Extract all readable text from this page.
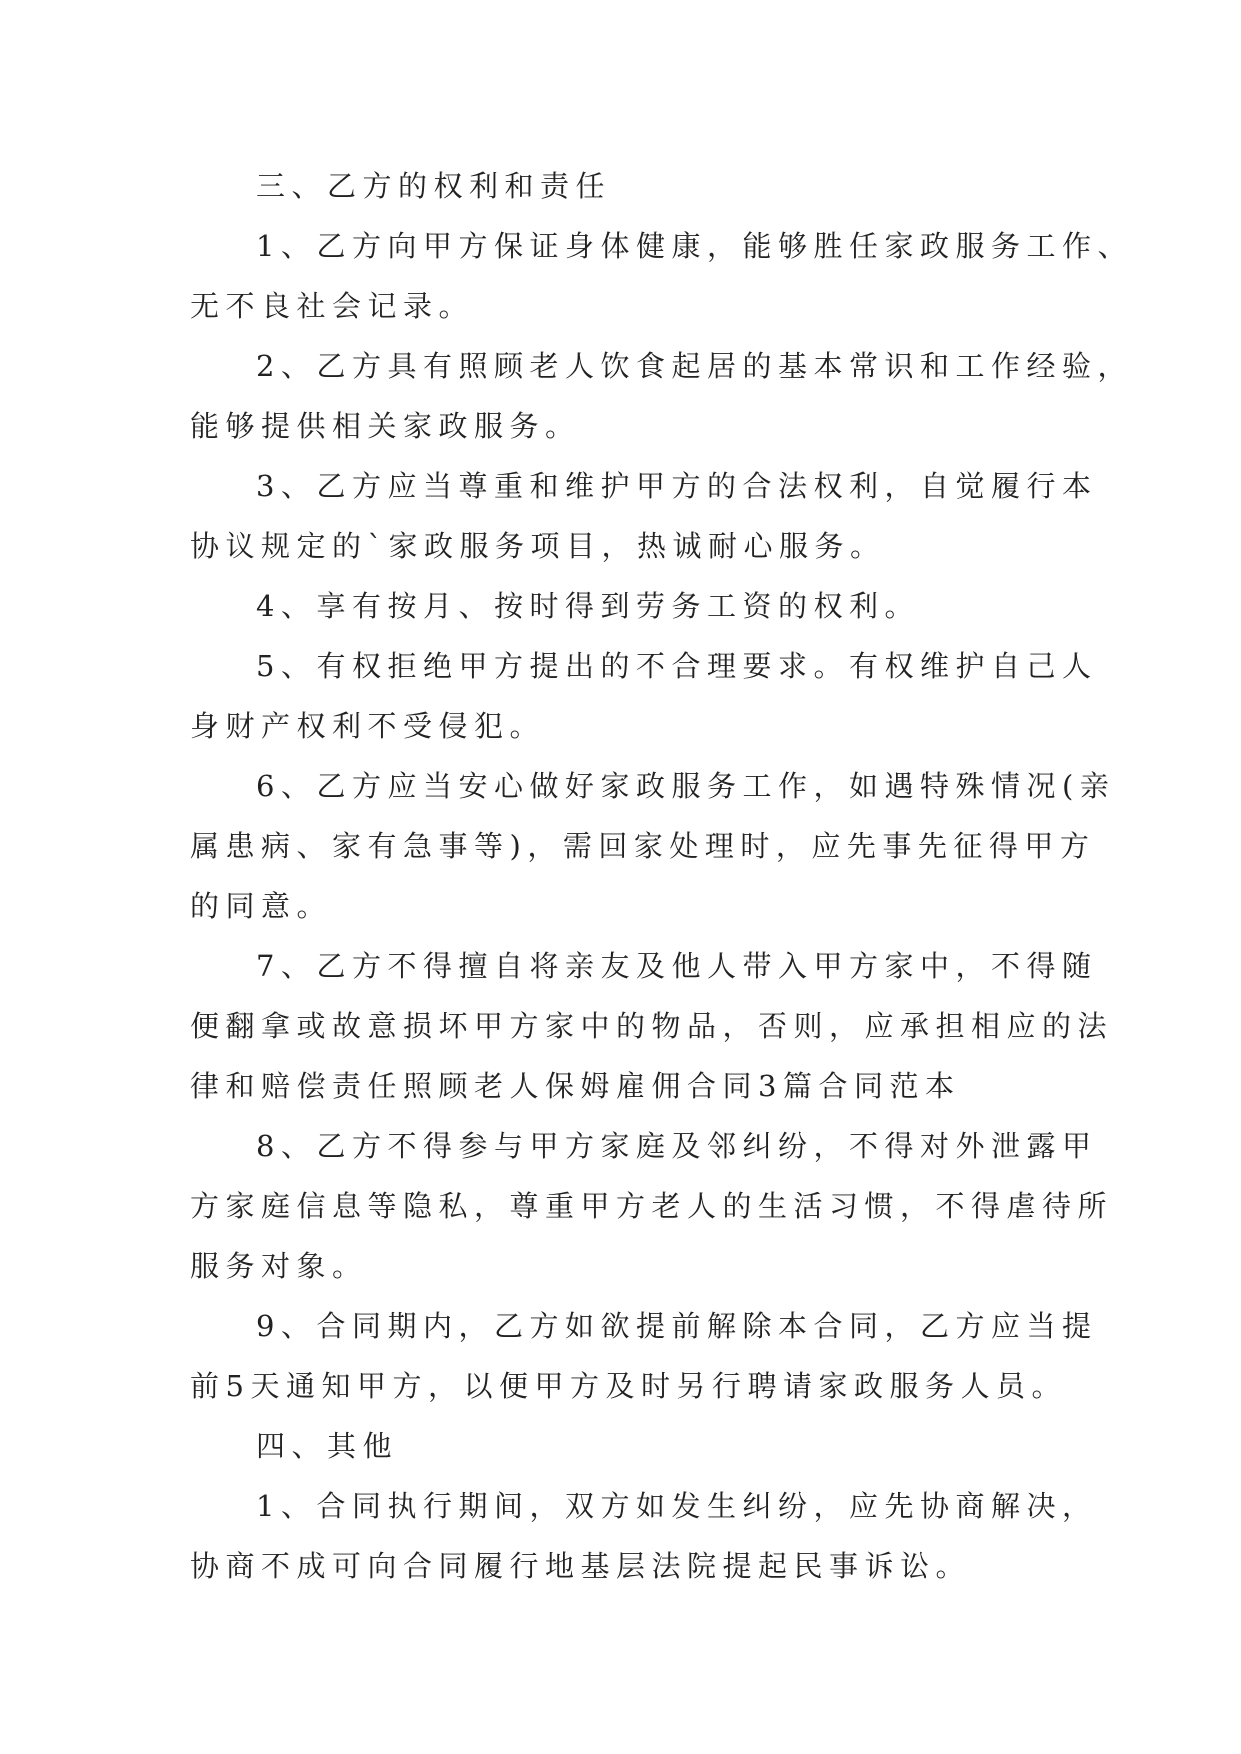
三、乙方的权利和责任
1、乙方向甲方保证身体健康，能够胜任家政服务工作、
无不良社会记录。
2、乙方具有照顾老人饮食起居的基本常识和工作经验，
能够提供相关家政服务。
3、乙方应当尊重和维护甲方的合法权利，自觉履行本
协议规定的`家政服务项目，热诚耐心服务。
4、享有按月、按时得到劳务工资的权利。
5、有权拒绝甲方提出的不合理要求。有权维护自己人
身财产权利不受侵犯。
6、乙方应当安心做好家政服务工作，如遇特殊情况(亲
属患病、家有急事等)，需回家处理时，应先事先征得甲方
的同意。
7、乙方不得擅自将亲友及他人带入甲方家中，不得随
便翻拿或故意损坏甲方家中的物品，否则，应承担相应的法
律和赔偿责任照顾老人保姆雇佣合同3篇合同范本
8、乙方不得参与甲方家庭及邻纠纷，不得对外泄露甲
方家庭信息等隐私，尊重甲方老人的生活习惯，不得虐待所
服务对象。
9、合同期内，乙方如欲提前解除本合同，乙方应当提
前5天通知甲方，以便甲方及时另行聘请家政服务人员。
四、其他
1、合同执行期间，双方如发生纠纷，应先协商解决，
协商不成可向合同履行地基层法院提起民事诉讼。
